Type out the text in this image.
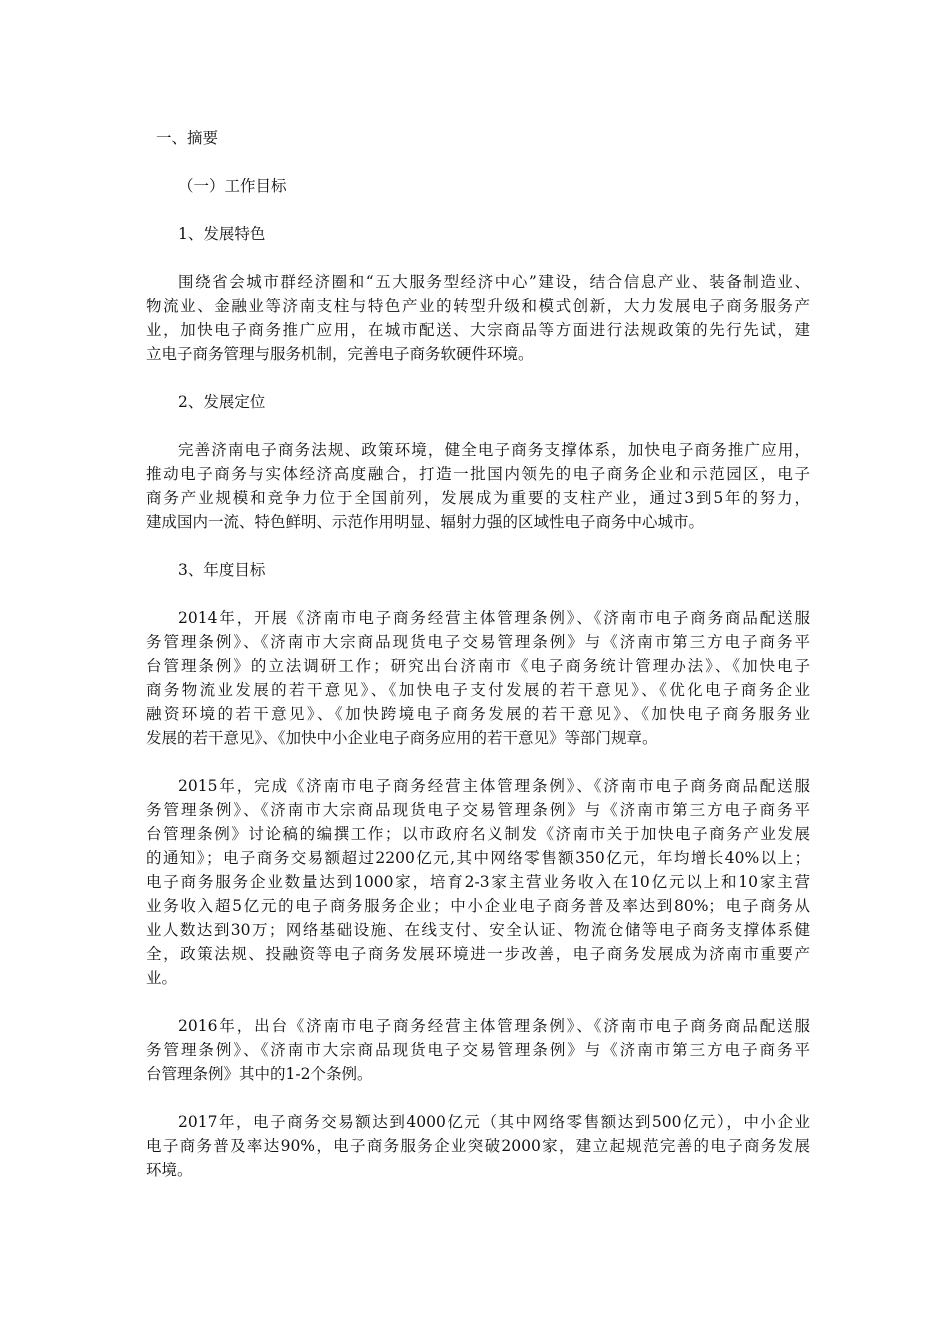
一、摘要

（一）工作目标

1、发展特色

围绕省会城市群经济圈和“五大服务型经济中心”建设，结合信息产业、装备制造业、

物流业、金融业等济南支柱与特色产业的转型升级和模式创新，大力发展电子商务服务产

业，加快电子商务推广应用，在城市配送、大宗商品等方面进行法规政策的先行先试，建

立电子商务管理与服务机制，完善电子商务软硬件环境。

2、发展定位

完善济南电子商务法规、政策环境，健全电子商务支撑体系，加快电子商务推广应用，

推动电子商务与实体经济高度融合，打造一批国内领先的电子商务企业和示范园区，电子

商务产业规模和竞争力位于全国前列，发展成为重要的支柱产业，通过3到5年的努力，

建成国内一流、特色鲜明、示范作用明显、辐射力强的区域性电子商务中心城市。

3、年度目标

2014年，开展《济南市电子商务经营主体管理条例》、《济南市电子商务商品配送服

务管理条例》、《济南市大宗商品现货电子交易管理条例》与《济南市第三方电子商务平

台管理条例》的立法调研工作；研究出台济南市《电子商务统计管理办法》、《加快电子

商务物流业发展的若干意见》、《加快电子支付发展的若干意见》、《优化电子商务企业

融资环境的若干意见》、《加快跨境电子商务发展的若干意见》、《加快电子商务服务业

发展的若干意见》、《加快中小企业电子商务应用的若干意见》等部门规章。

2015年，完成《济南市电子商务经营主体管理条例》、《济南市电子商务商品配送服

务管理条例》、《济南市大宗商品现货电子交易管理条例》与《济南市第三方电子商务平

台管理条例》讨论稿的编撰工作；以市政府名义制发《济南市关于加快电子商务产业发展

的通知》；电子商务交易额超过2200亿元,其中网络零售额350亿元，年均增长40%以上；

电子商务服务企业数量达到1000家，培育2-3家主营业务收入在10亿元以上和10家主营

业务收入超5亿元的电子商务服务企业；中小企业电子商务普及率达到80%；电子商务从

业人数达到30万；网络基础设施、在线支付、安全认证、物流仓储等电子商务支撑体系健

全，政策法规、投融资等电子商务发展环境进一步改善，电子商务发展成为济南市重要产

业。

2016年，出台《济南市电子商务经营主体管理条例》、《济南市电子商务商品配送服

务管理条例》、《济南市大宗商品现货电子交易管理条例》与《济南市第三方电子商务平

台管理条例》其中的1-2个条例。

2017年，电子商务交易额达到4000亿元（其中网络零售额达到500亿元），中小企业

电子商务普及率达90%，电子商务服务企业突破2000家，建立起规范完善的电子商务发展

环境。
